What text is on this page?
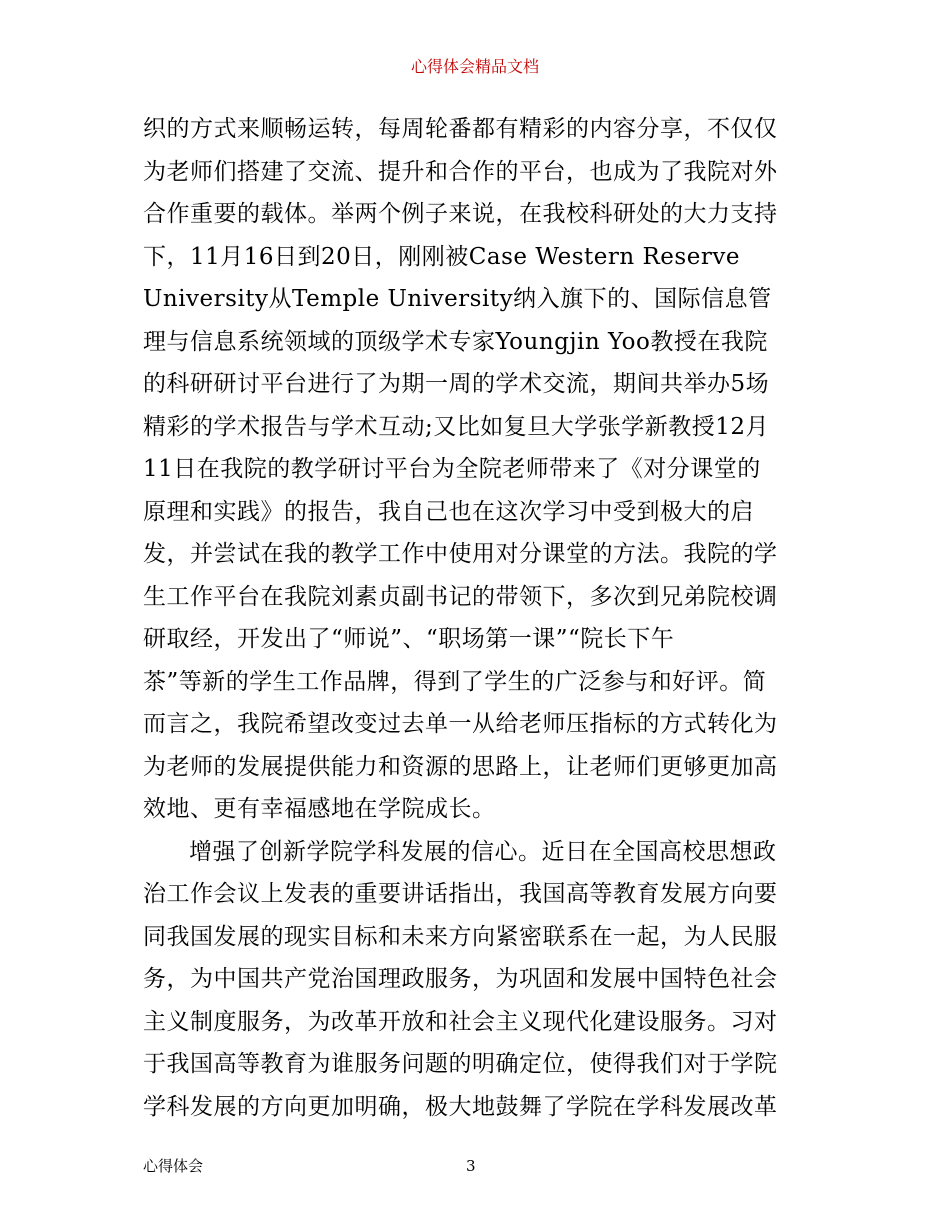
心得体会精品文档
织的方式来顺畅运转，每周轮番都有精彩的内容分享，不仅仅
为老师们搭建了交流、提升和合作的平台，也成为了我院对外
合作重要的载体。举两个例子来说，在我校科研处的大力支持
下，11月16日到20日，刚刚被Case Western Reserve
University从Temple University纳入旗下的、国际信息管
理与信息系统领域的顶级学术专家Youngjin Yoo教授在我院
的科研研讨平台进行了为期一周的学术交流，期间共举办5场
精彩的学术报告与学术互动;又比如复旦大学张学新教授12月
11日在我院的教学研讨平台为全院老师带来了《对分课堂的
原理和实践》的报告，我自己也在这次学习中受到极大的启
发，并尝试在我的教学工作中使用对分课堂的方法。我院的学
生工作平台在我院刘素贞副书记的带领下，多次到兄弟院校调
研取经，开发出了“师说”、“职场第一课”“院长下午
茶”等新的学生工作品牌，得到了学生的广泛参与和好评。简
而言之，我院希望改变过去单一从给老师压指标的方式转化为
为老师的发展提供能力和资源的思路上，让老师们更够更加高
效地、更有幸福感地在学院成长。
增强了创新学院学科发展的信心。近日在全国高校思想政
治工作会议上发表的重要讲话指出，我国高等教育发展方向要
同我国发展的现实目标和未来方向紧密联系在一起，为人民服
务，为中国共产党治国理政服务，为巩固和发展中国特色社会
主义制度服务，为改革开放和社会主义现代化建设服务。习对
于我国高等教育为谁服务问题的明确定位，使得我们对于学院
学科发展的方向更加明确，极大地鼓舞了学院在学科发展改革
心得体会	3
